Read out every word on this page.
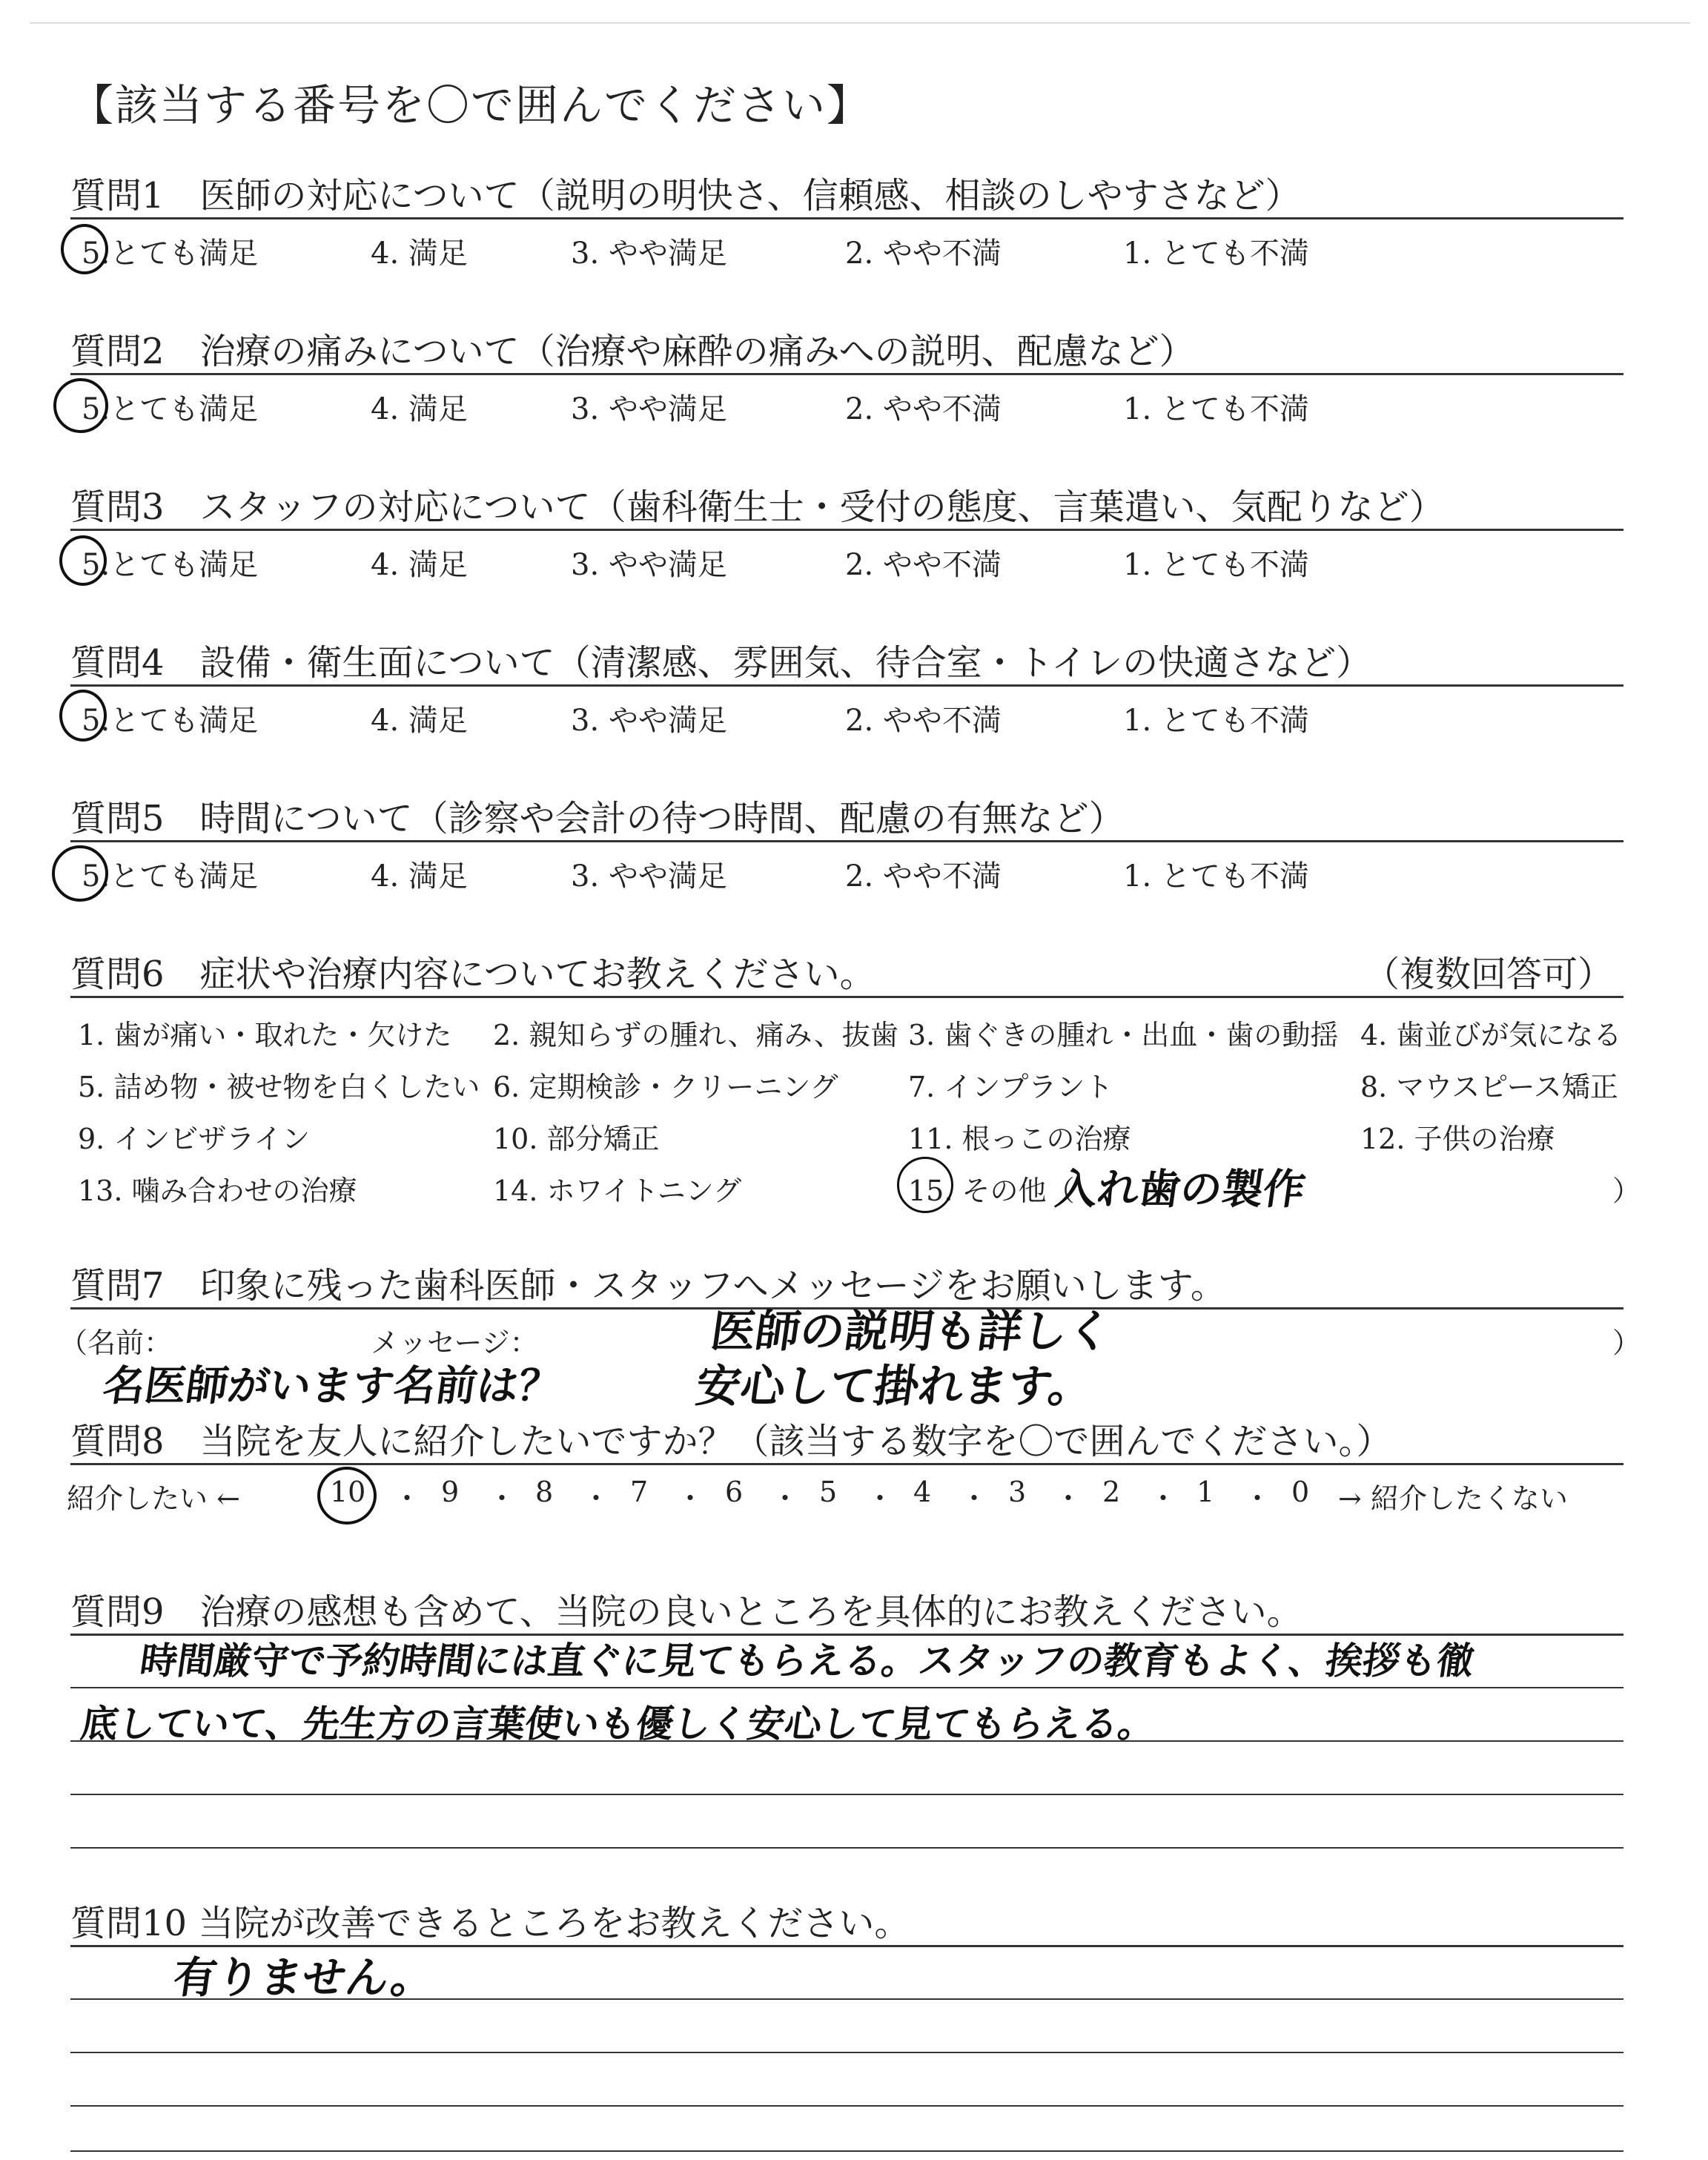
【該当する番号を〇で囲んでください】
質問1　医師の対応について（説明の明快さ、信頼感、相談のしやすさなど）
5.とても満足	4. 満足	3. やや満足	2. やや不満	1. とても不満
質問2　治療の痛みについて（治療や麻酔の痛みへの説明、配慮など）
5.とても満足	4. 満足	3. やや満足	2. やや不満	1. とても不満
質問3　スタッフの対応について（歯科衛生士・受付の態度、言葉遣い、気配りなど）
5.とても満足	4. 満足	3. やや満足	2. やや不満	1. とても不満
質問4　設備・衛生面について（清潔感、雰囲気、待合室・トイレの快適さなど）
5.とても満足	4. 満足	3. やや満足	2. やや不満	1. とても不満
質問5　時間について（診察や会計の待つ時間、配慮の有無など）
5.とても満足	4. 満足	3. やや満足	2. やや不満	1. とても不満
質問6　症状や治療内容についてお教えください。	（複数回答可）
1. 歯が痛い・取れた・欠けた 2. 親知らずの腫れ、痛み、抜歯 3. 歯ぐきの腫れ・出血・歯の動揺 4. 歯並びが気になる
5. 詰め物・被せ物を白くしたい 6. 定期検診・クリーニング 7. インプラント	8. マウスピース矯正
9. インビザライン	10. 部分矯正	11. 根っこの治療	12. 子供の治療
13. 噛み合わせの治療	14. ホワイトニング	15. その他（
入れ歯の製作	）
質問7　印象に残った歯科医師・スタッフへメッセージをお願いします。
（名前：	メッセージ：	）
医師の説明も詳しく
名医師がいます名前は？	安心して掛れます。
質問8　当院を友人に紹介したいですか？（該当する数字を〇で囲んでください。）
紹介したい ←	10 ・ 9 ・ 8 ・ 7 ・ 6 ・ 5 ・ 4 ・ 3 ・ 2 ・ 1 ・ 0 → 紹介したくない
質問9　治療の感想も含めて、当院の良いところを具体的にお教えください。
時間厳守で予約時間には直ぐに見てもらえる。スタッフの教育もよく、挨拶も徹
底していて、先生方の言葉使いも優しく安心して見てもらえる。
質問10 当院が改善できるところをお教えください。
有りません。
